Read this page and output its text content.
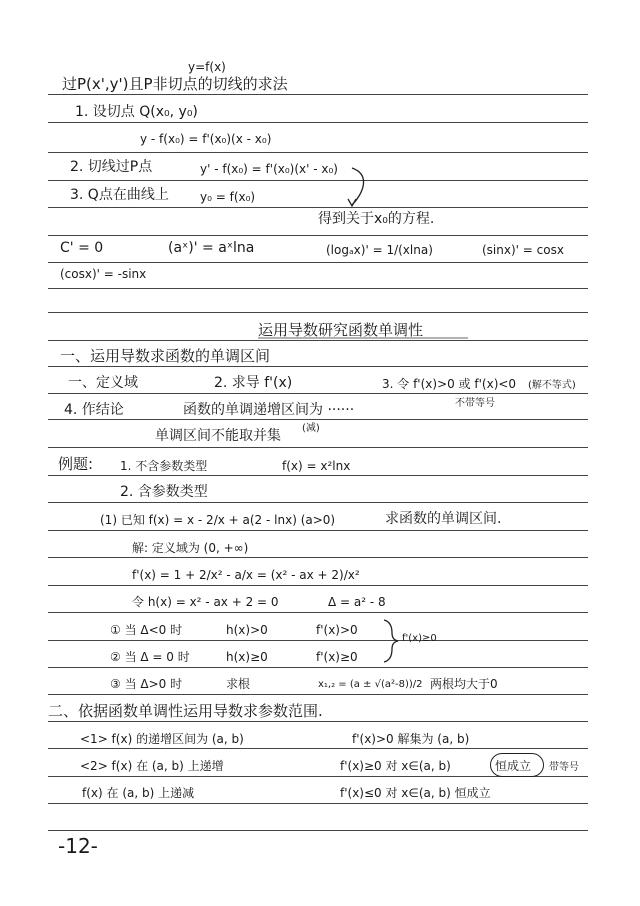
y=f(x)
过P(x',y')且P非切点的切线的求法
1. 设切点 Q(x₀, y₀)
y - f(x₀) = f'(x₀)(x - x₀)
2. 切线过P点	y' - f(x₀) = f'(x₀)(x' - x₀)
3. Q点在曲线上	y₀ = f(x₀)
得到关于x₀的方程.
C' = 0	(aˣ)' = aˣlna	(logₐx)' = 1/(xlna)	(sinx)' = cosx
(cosx)' = -sinx
运用导数研究函数单调性
一、运用导数求函数的单调区间
一、定义域	2. 求导 f'(x)	3. 令 f'(x)>0 或 f'(x)<0 (解不等式)
不带等号
4. 作结论	函数的单调递增区间为 ······
(减)
单调区间不能取并集
例题: 1. 不含参数类型	f(x) = x²lnx
2. 含参数类型
(1) 已知 f(x) = x - 2/x + a(2 - lnx) (a>0)	求函数的单调区间.
解: 定义域为 (0, +∞)
f'(x) = 1 + 2/x² - a/x = (x² - ax + 2)/x²
令 h(x) = x² - ax + 2 = 0	Δ = a² - 8
① 当 Δ<0 时	h(x)>0	f'(x)>0
② 当 Δ = 0 时	h(x)≥0	f'(x)≥0
f'(x)≥0
③ 当 Δ>0 时	求根	x₁,₂ = (a ± √(a²-8))/2 两根均大于0
二、依据函数单调性运用导数求参数范围.
<1> f(x) 的递增区间为 (a, b)	f'(x)>0 解集为 (a, b)
<2> f(x) 在 (a, b) 上递增	f'(x)≥0 对 x∈(a, b)	恒成立 带等号
f(x) 在 (a, b) 上递减	f'(x)≤0 对 x∈(a, b) 恒成立
-12-
